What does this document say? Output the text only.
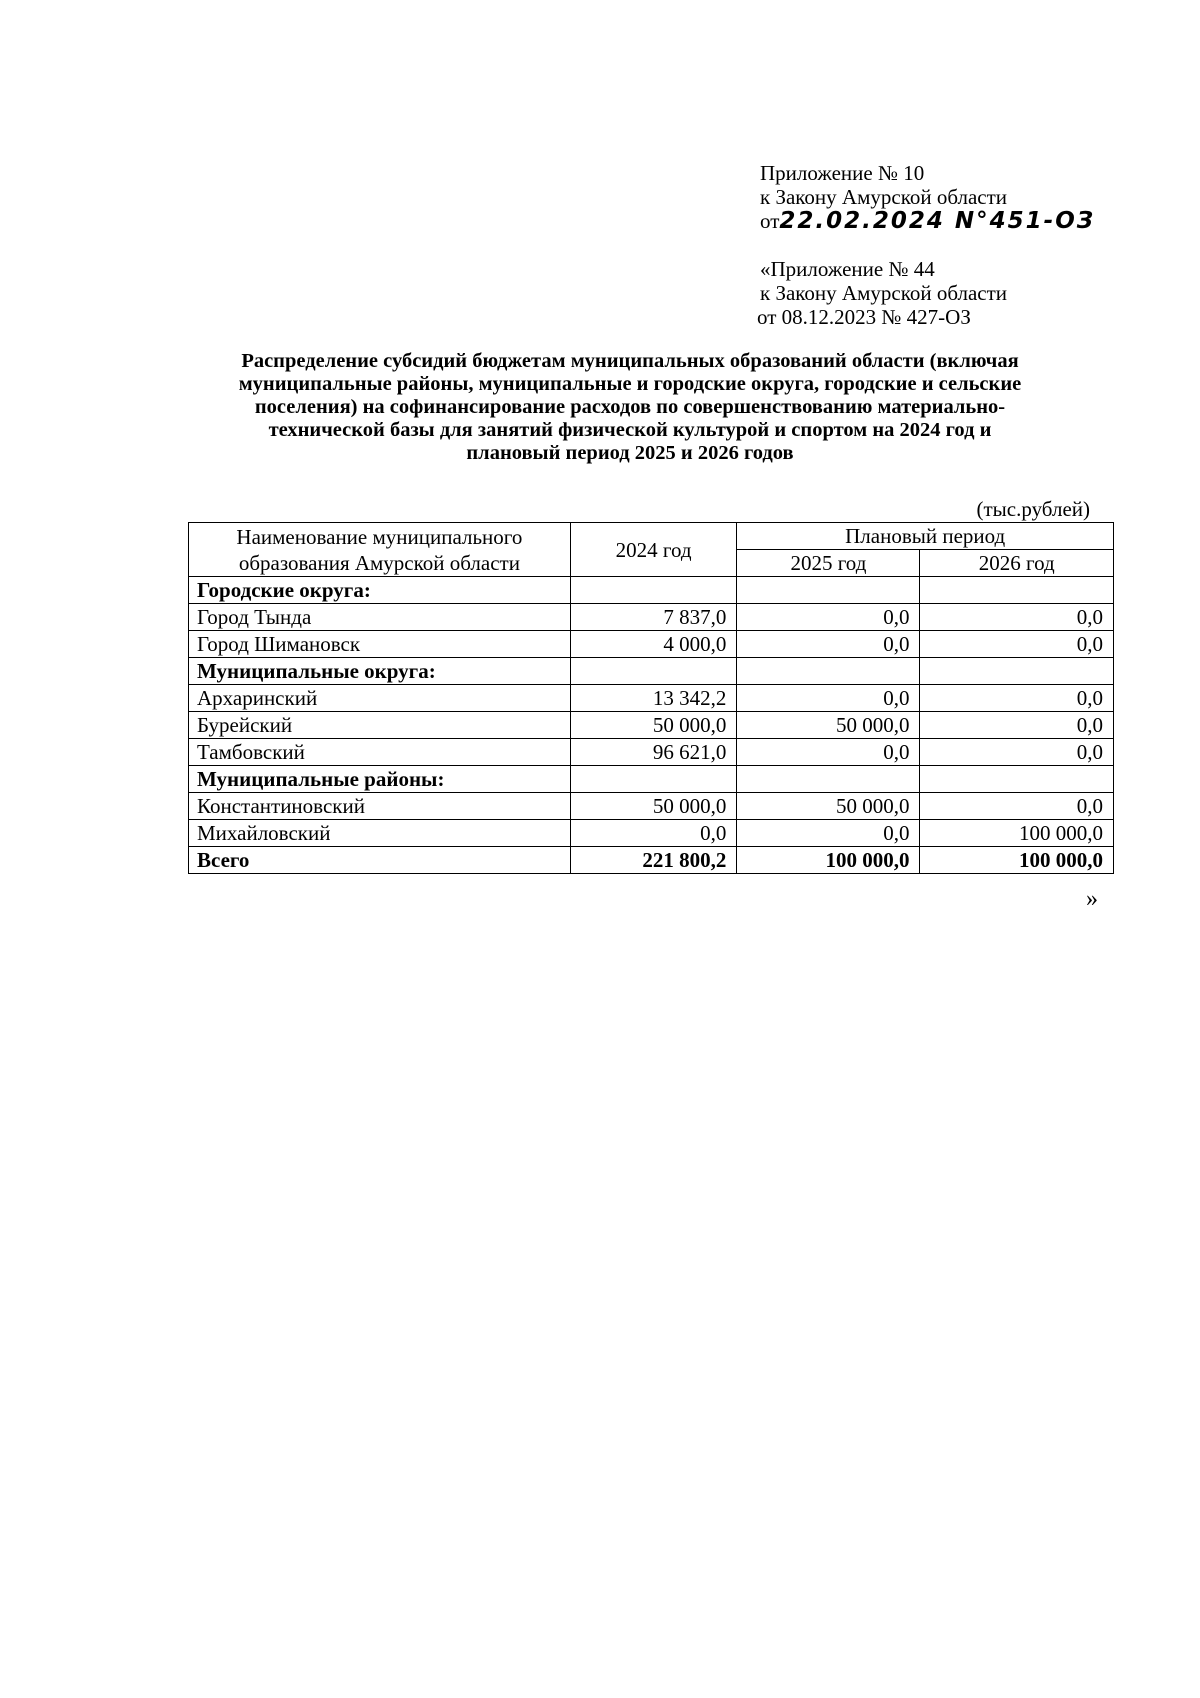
Приложение № 10
к Закону Амурской области
от22.02.2024 N°451-ОЗ
«Приложение № 44
к Закону Амурской области
от 08.12.2023 № 427-ОЗ
Распределение субсидий бюджетам муниципальных образований области (включая
муниципальные районы, муниципальные и городские округа, городские и сельские
поселения) на софинансирование расходов по совершенствованию материально-
технической базы для занятий физической культурой и спортом на 2024 год и
плановый период 2025 и 2026 годов
(тыс.рублей)
Наименование муниципального образования Амурской области	2024 год	Плановый период	
		2025 год	2026 год
Городские округа:			
Город Тында	7 837,0	0,0	0,0
Город Шимановск	4 000,0	0,0	0,0
Муниципальные округа:			
Архаринский	13 342,2	0,0	0,0
Бурейский	50 000,0	50 000,0	0,0
Тамбовский	96 621,0	0,0	0,0
Муниципальные районы:			
Константиновский	50 000,0	50 000,0	0,0
Михайловский	0,0	0,0	100 000,0
Всего	221 800,2	100 000,0	100 000,0
»
